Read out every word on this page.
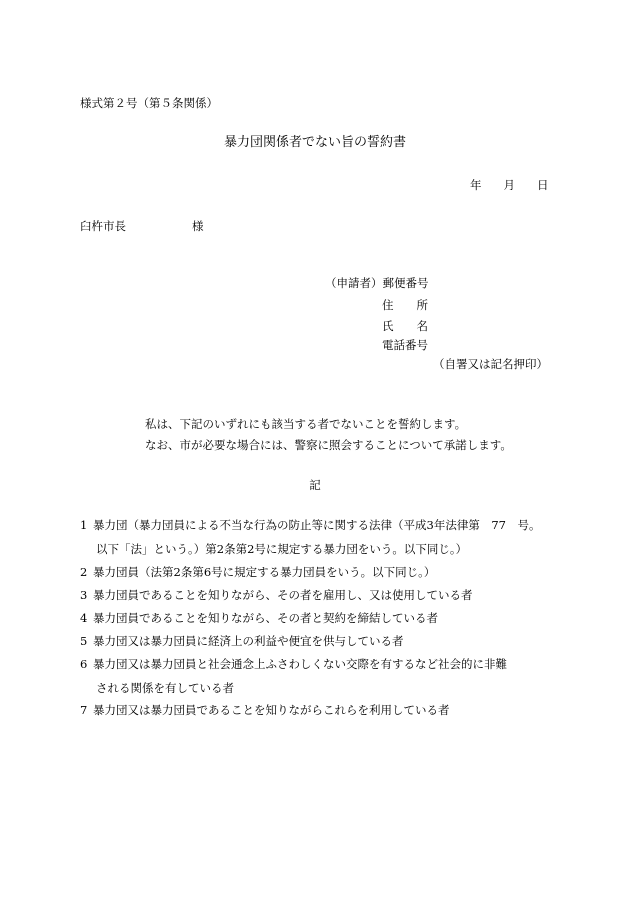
様式第２号（第５条関係）
暴力団関係者でない旨の誓約書
年 月 日
臼杵市長	様
（申請者）郵便番号
住　　所
氏　　名
電話番号
（自署又は記名押印）
私は、下記のいずれにも該当する者でないことを誓約します。
なお、市が必要な場合には、警察に照会することについて承諾します。
記
1 暴力団（暴力団員による不当な行為の防止等に関する法律（平成3年法律第　77　号。
以下「法」という。）第2条第2号に規定する暴力団をいう。以下同じ。）
2 暴力団員（法第2条第6号に規定する暴力団員をいう。以下同じ。）
3 暴力団員であることを知りながら、その者を雇用し、又は使用している者
4 暴力団員であることを知りながら、その者と契約を締結している者
5 暴力団又は暴力団員に経済上の利益や便宜を供与している者
6 暴力団又は暴力団員と社会通念上ふさわしくない交際を有するなど社会的に非難
される関係を有している者
7 暴力団又は暴力団員であることを知りながらこれらを利用している者
